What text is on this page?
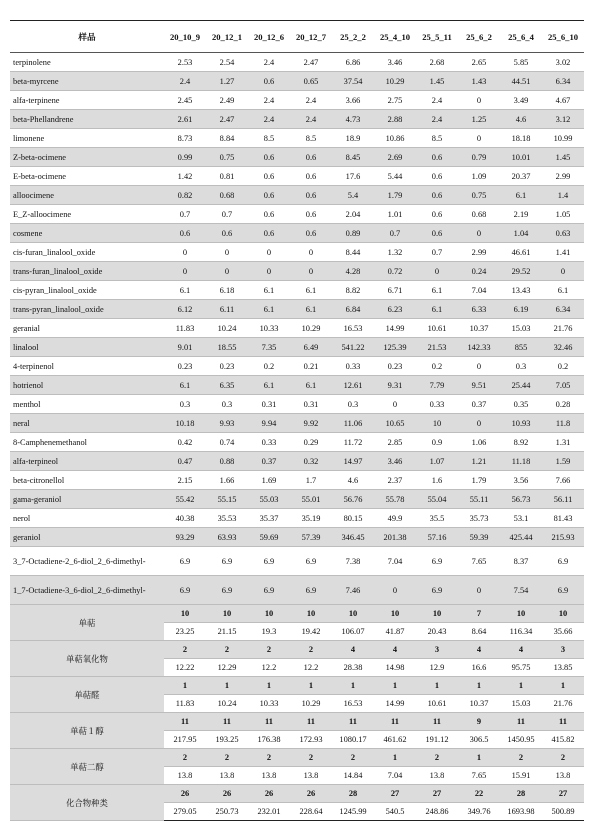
样品	20_10_9	20_12_1	20_12_6	20_12_7	25_2_2	25_4_10	25_5_11	25_6_2	25_6_4	25_6_10
terpinolene	2.53	2.54	2.4	2.47	6.86	3.46	2.68	2.65	5.85	3.02
beta-myrcene	2.4	1.27	0.6	0.65	37.54	10.29	1.45	1.43	44.51	6.34
alfa-terpinene	2.45	2.49	2.4	2.4	3.66	2.75	2.4	0	3.49	4.67
beta-Phellandrene	2.61	2.47	2.4	2.4	4.73	2.88	2.4	1.25	4.6	3.12
limonene	8.73	8.84	8.5	8.5	18.9	10.86	8.5	0	18.18	10.99
Z-beta-ocimene	0.99	0.75	0.6	0.6	8.45	2.69	0.6	0.79	10.01	1.45
E-beta-ocimene	1.42	0.81	0.6	0.6	17.6	5.44	0.6	1.09	20.37	2.99
alloocimene	0.82	0.68	0.6	0.6	5.4	1.79	0.6	0.75	6.1	1.4
E_Z-alloocimene	0.7	0.7	0.6	0.6	2.04	1.01	0.6	0.68	2.19	1.05
cosmene	0.6	0.6	0.6	0.6	0.89	0.7	0.6	0	1.04	0.63
cis-furan_linalool_oxide	0	0	0	0	8.44	1.32	0.7	2.99	46.61	1.41
trans-furan_linalool_oxide	0	0	0	0	4.28	0.72	0	0.24	29.52	0
cis-pyran_linalool_oxide	6.1	6.18	6.1	6.1	8.82	6.71	6.1	7.04	13.43	6.1
trans-pyran_linalool_oxide	6.12	6.11	6.1	6.1	6.84	6.23	6.1	6.33	6.19	6.34
geranial	11.83	10.24	10.33	10.29	16.53	14.99	10.61	10.37	15.03	21.76
linalool	9.01	18.55	7.35	6.49	541.22	125.39	21.53	142.33	855	32.46
4-terpinenol	0.23	0.23	0.2	0.21	0.33	0.23	0.2	0	0.3	0.2
hotrienol	6.1	6.35	6.1	6.1	12.61	9.31	7.79	9.51	25.44	7.05
menthol	0.3	0.3	0.31	0.31	0.3	0	0.33	0.37	0.35	0.28
neral	10.18	9.93	9.94	9.92	11.06	10.65	10	0	10.93	11.8
8-Camphenemethanol	0.42	0.74	0.33	0.29	11.72	2.85	0.9	1.06	8.92	1.31
alfa-terpineol	0.47	0.88	0.37	0.32	14.97	3.46	1.07	1.21	11.18	1.59
beta-citronellol	2.15	1.66	1.69	1.7	4.6	2.37	1.6	1.79	3.56	7.66
gama-geraniol	55.42	55.15	55.03	55.01	56.76	55.78	55.04	55.11	56.73	56.11
nerol	40.38	35.53	35.37	35.19	80.15	49.9	35.5	35.73	53.1	81.43
geraniol	93.29	63.93	59.69	57.39	346.45	201.38	57.16	59.39	425.44	215.93
3_7-Octadiene-2_6-diol_2_6-dimethyl-	6.9	6.9	6.9	6.9	7.38	7.04	6.9	7.65	8.37	6.9
1_7-Octadiene-3_6-diol_2_6-dimethyl-	6.9	6.9	6.9	6.9	7.46	0	6.9	0	7.54	6.9
单萜	10	10	10	10	10	10	10	7	10	10
	23.25	21.15	19.3	19.42	106.07	41.87	20.43	8.64	116.34	35.66
单萜氧化物	2	2	2	2	4	4	3	4	4	3
	12.22	12.29	12.2	12.2	28.38	14.98	12.9	16.6	95.75	13.85
单萜醛	1	1	1	1	1	1	1	1	1	1
	11.83	10.24	10.33	10.29	16.53	14.99	10.61	10.37	15.03	21.76
单萜１醇	11	11	11	11	11	11	11	9	11	11
	217.95	193.25	176.38	172.93	1080.17	461.62	191.12	306.5	1450.95	415.82
单萜二醇	2	2	2	2	2	1	2	1	2	2
	13.8	13.8	13.8	13.8	14.84	7.04	13.8	7.65	15.91	13.8
化合物种类	26	26	26	26	28	27	27	22	28	27
	279.05	250.73	232.01	228.64	1245.99	540.5	248.86	349.76	1693.98	500.89
